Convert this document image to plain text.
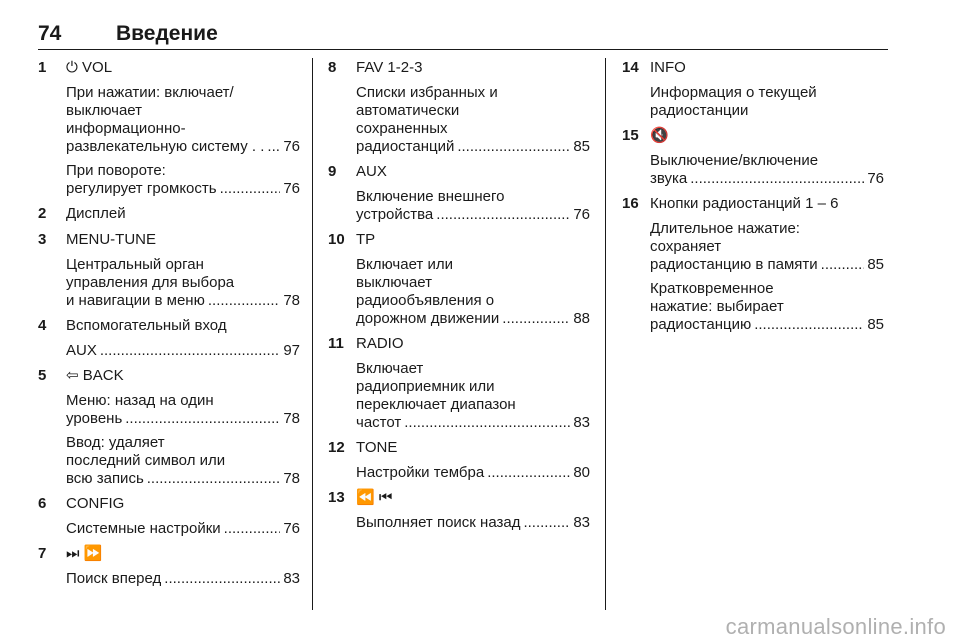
74	Введение
1 ⏻ VOL
При нажатии: включает/
выключает
информационно-
развлекательную систему . . ..... 76
При повороте:
регулирует громкость .....	76
2 Дисплей
3 MENU-TUNE
Центральный орган
управления для выбора
и навигации в меню .....	78
4 Вспомогательный вход
AUX .....	97
5 ⇦ BACK
Меню: назад на один
уровень .....	78
Ввод: удаляет
последний символ или
всю запись .....	78
6 CONFIG
Системные настройки .....	76
7 ⏭ ⏩
Поиск вперед .....	83
8 FAV 1-2-3
Списки избранных и
автоматически
сохраненных
радиостанций .....	85
9 AUX
Включение внешнего
устройства .....	76
10 TP
Включает или
выключает
радиообъявления о
дорожном движении .....	88
11 RADIO
Включает
радиоприемник или
переключает диапазон
частот .....	83
12 TONE
Настройки тембра .....	80
13 ⏪ ⏮
Выполняет поиск назад .....	83
14 INFO
Информация о текущей
радиостанции
15 🔇
Выключение/включение
звука .....	76
16 Кнопки радиостанций 1 – 6
Длительное нажатие:
сохраняет
радиостанцию в памяти .....	85
Кратковременное
нажатие: выбирает
радиостанцию .....	85
carmanualsonline.info
